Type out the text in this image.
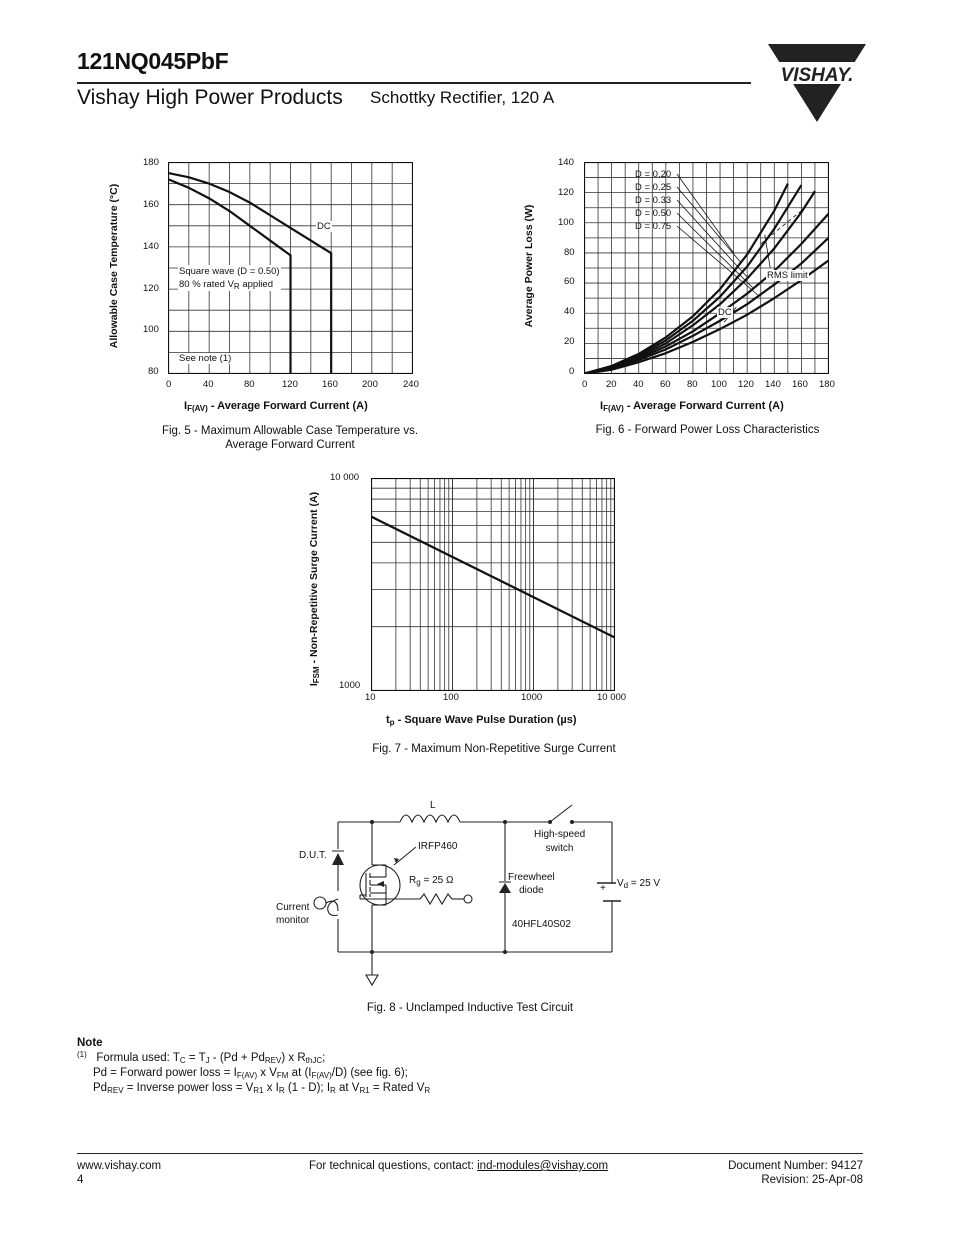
121NQ045PbF
Vishay High Power Products Schottky Rectifier, 120 A
VISHAY.
180
160
140
120
100
80
0	40	80	120	160	200	240
DC
Square wave (D = 0.50)
80 % rated $V_R$ applied
See note (1)
$I_{F(AV)}$ - Average Forward Current (A)
Allowable Case Temperature (°C)
Fig. 5 - Maximum Allowable Case Temperature vs.
Average Forward Current
140
120
100
80
60
40
20
0
0 20 40 60 80 100 120 140 160 180
D = 0.20
D = 0.25
D = 0.33
D = 0.50
D = 0.75
RMS limit
DC
$I_{F(AV)}$ - Average Forward Current (A)
Average Power Loss (W)
Fig. 6 - Forward Power Loss Characteristics
10 000
1000
10	100	1000	10 000
$t_p$ - Square Wave Pulse Duration (µs)
$I_{FSM}$ - Non-Repetitive Surge Current (A)
Fig. 7 - Maximum Non-Repetitive Surge Current
L
IRFP460
D.U.T.
$R_g = 25$ Ω
Current
monitor
Freewheel
diode
40HFL40S02
High-speed
switch
$V_d = 25$ V
+
Fig. 8 - Unclamped Inductive Test Circuit
Note
$^{(1)}$ Formula used: $T_C = T_J - (Pd + Pd_{REV})$ x $R_{thJC}$;
Pd = Forward power loss = $I_{F(AV)}$ x $V_{FM}$ at $(I_{F(AV)}/D)$ (see fig. 6);
$Pd_{REV}$ = Inverse power loss = $V_{R1}$ x $I_R$ (1 - D); $I_R$ at $V_{R1}$ = Rated $V_R$
www.vishay.com
4
For technical questions, contact: ind-modules@vishay.com	Document Number: 94127
Revision: 25-Apr-08
